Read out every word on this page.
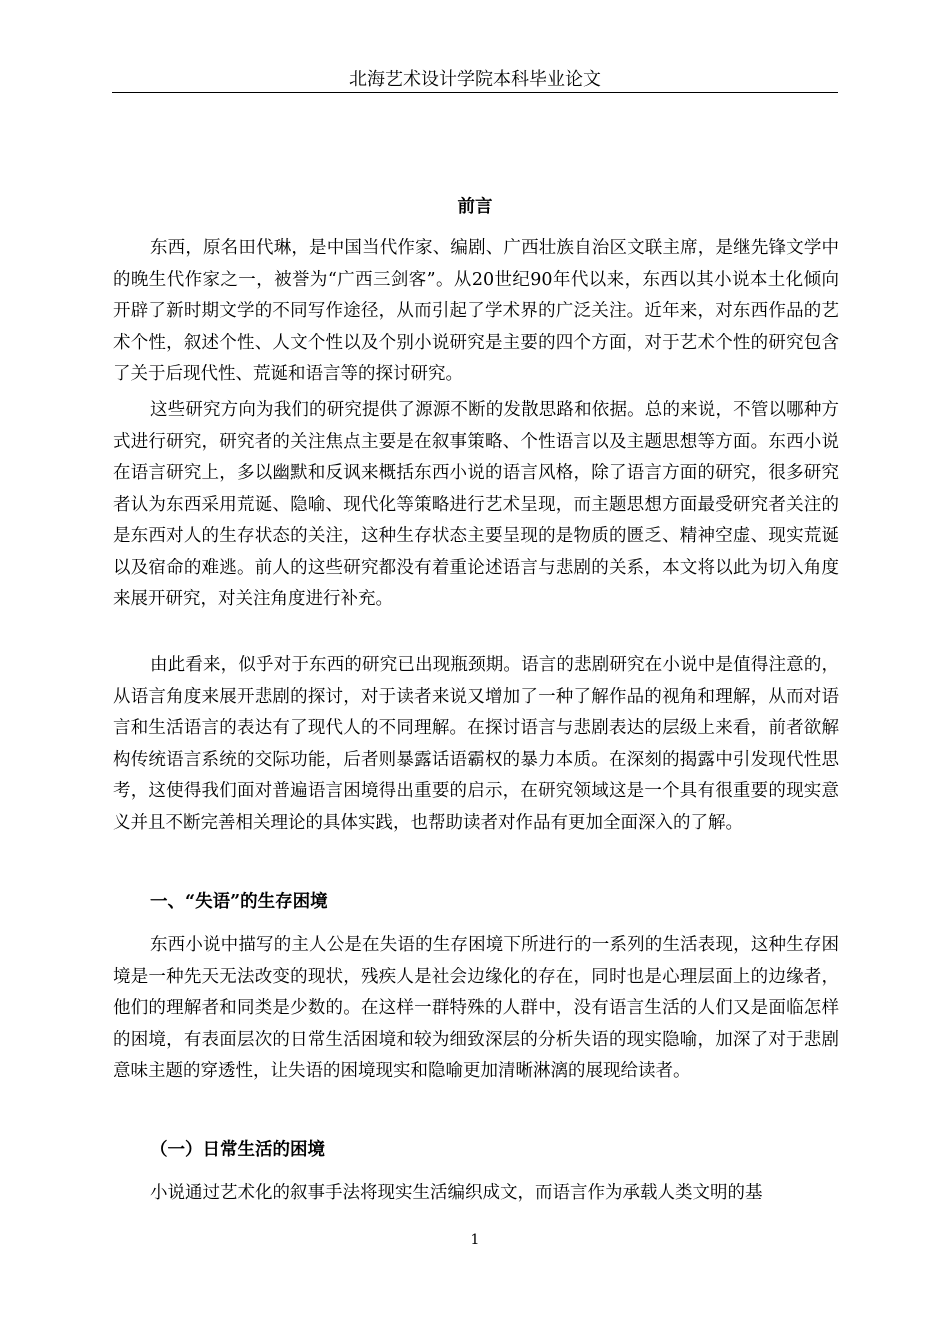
北海艺术设计学院本科毕业论文
前言

东西，原名田代琳，是中国当代作家、编剧、广西壮族自治区文联主席，是继先锋文学中的晚生代作家之一，被誉为“广西三剑客”。从20世纪90年代以来，东西以其小说本土化倾向开辟了新时期文学的不同写作途径，从而引起了学术界的广泛关注。近年来，对东西作品的艺术个性，叙述个性、人文个性以及个别小说研究是主要的四个方面，对于艺术个性的研究包含了关于后现代性、荒诞和语言等的探讨研究。

这些研究方向为我们的研究提供了源源不断的发散思路和依据。总的来说，不管以哪种方式进行研究，研究者的关注焦点主要是在叙事策略、个性语言以及主题思想等方面。东西小说在语言研究上，多以幽默和反讽来概括东西小说的语言风格，除了语言方面的研究，很多研究者认为东西采用荒诞、隐喻、现代化等策略进行艺术呈现，而主题思想方面最受研究者关注的是东西对人的生存状态的关注，这种生存状态主要呈现的是物质的匮乏、精神空虚、现实荒诞以及宿命的难逃。前人的这些研究都没有着重论述语言与悲剧的关系，本文将以此为切入角度来展开研究，对关注角度进行补充。

由此看来，似乎对于东西的研究已出现瓶颈期。语言的悲剧研究在小说中是值得注意的，从语言角度来展开悲剧的探讨，对于读者来说又增加了一种了解作品的视角和理解，从而对语言和生活语言的表达有了现代人的不同理解。在探讨语言与悲剧表达的层级上来看，前者欲解构传统语言系统的交际功能，后者则暴露话语霸权的暴力本质。在深刻的揭露中引发现代性思考，这使得我们面对普遍语言困境得出重要的启示，在研究领域这是一个具有很重要的现实意义并且不断完善相关理论的具体实践，也帮助读者对作品有更加全面深入的了解。

一、“失语”的生存困境

东西小说中描写的主人公是在失语的生存困境下所进行的一系列的生活表现，这种生存困境是一种先天无法改变的现状，残疾人是社会边缘化的存在，同时也是心理层面上的边缘者，他们的理解者和同类是少数的。在这样一群特殊的人群中，没有语言生活的人们又是面临怎样的困境，有表面层次的日常生活困境和较为细致深层的分析失语的现实隐喻，加深了对于悲剧意味主题的穿透性，让失语的困境现实和隐喻更加清晰淋漓的展现给读者。

（一）日常生活的困境

小说通过艺术化的叙事手法将现实生活编织成文，而语言作为承载人类文明的基

1
